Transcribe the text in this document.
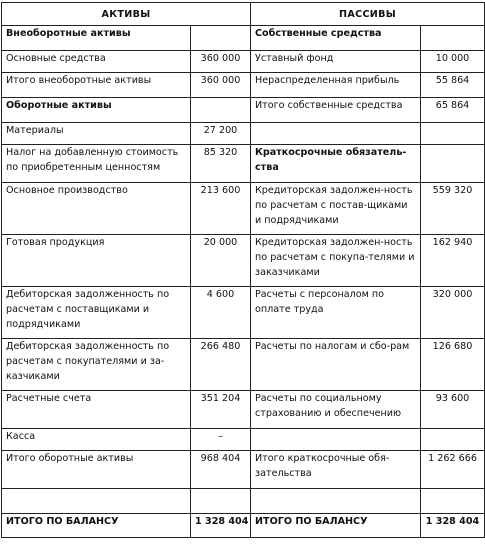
АКТИВЫ		ПАССИВЫ	
Внеоборотные активы		Собственные средства	
Основные средства	360 000	Уставный фонд	10 000
Итого внеоборотные активы	360 000	Нераспределенная прибыль	55 864
Оборотные активы		Итого собственные средства	65 864
Материалы	27 200		
Налог на добавленную стоимость по приобретенным ценностям	85 320	Краткосрочные обязатель-ства	
Основное производство	213 600	Кредиторская задолжен-ность по расчетам с постав-щиками и подрядчиками	559 320
Готовая продукция	20 000	Кредиторская задолжен-ность по расчетам с покупа-телями и заказчиками	162 940
Дебиторская задолженность по расчетам с поставщиками и подрядчиками	4 600	Расчеты с персоналом по оплате труда	320 000
Дебиторская задолженность по расчетам с покупателями и за-казчиками	266 480	Расчеты по налогам и сбо-рам	126 680
Расчетные счета	351 204	Расчеты по социальному страхованию и обеспечению	93 600
Касса	–		
Итого оборотные активы	968 404	Итого краткосрочные обя-зательства	1 262 666

ИТОГО ПО БАЛАНСУ	1 328 404	ИТОГО ПО БАЛАНСУ	1 328 404
